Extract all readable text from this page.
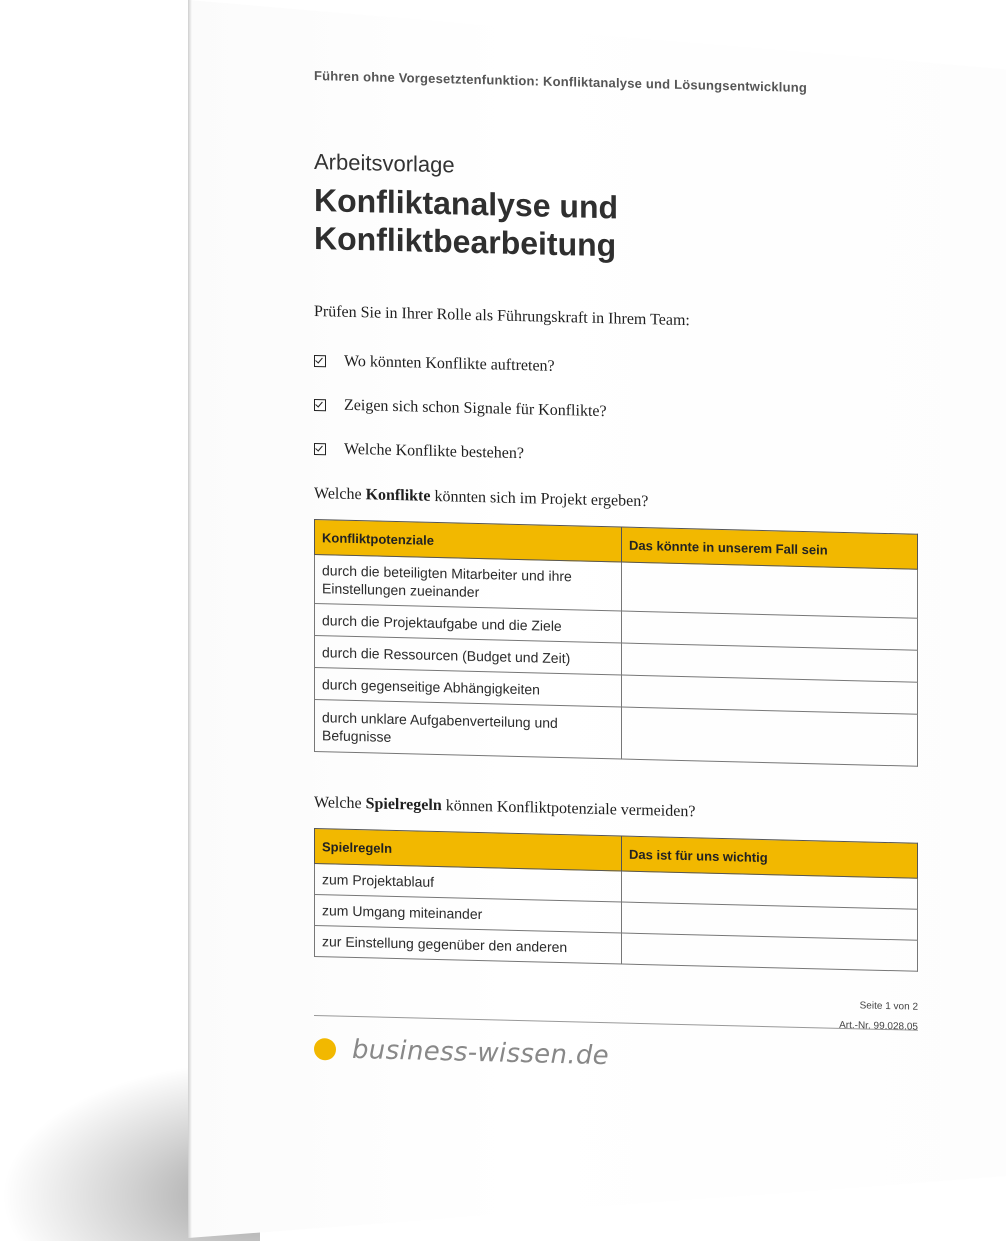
Führen ohne Vorgesetztenfunktion: Konfliktanalyse und Lösungsentwicklung
Arbeitsvorlage
Konfliktanalyse und
Konfliktbearbeitung
Prüfen Sie in Ihrer Rolle als Führungskraft in Ihrem Team:
Wo könnten Konflikte auftreten?
Zeigen sich schon Signale für Konflikte?
Welche Konflikte bestehen?
Welche Konflikte könnten sich im Projekt ergeben?
Konfliktpotenziale	Das könnte in unserem Fall sein
durch die beteiligten Mitarbeiter und ihre Einstellungen zueinander	
durch die Projektaufgabe und die Ziele	
durch die Ressourcen (Budget und Zeit)	
durch gegenseitige Abhängigkeiten	
durch unklare Aufgabenverteilung und Befugnisse	
Welche Spielregeln können Konfliktpotenziale vermeiden?
Spielregeln	Das ist für uns wichtig
zum Projektablauf	
zum Umgang miteinander	
zur Einstellung gegenüber den anderen	
Seite 1 von 2
Art.-Nr. 99.028.05
business-wissen.de
